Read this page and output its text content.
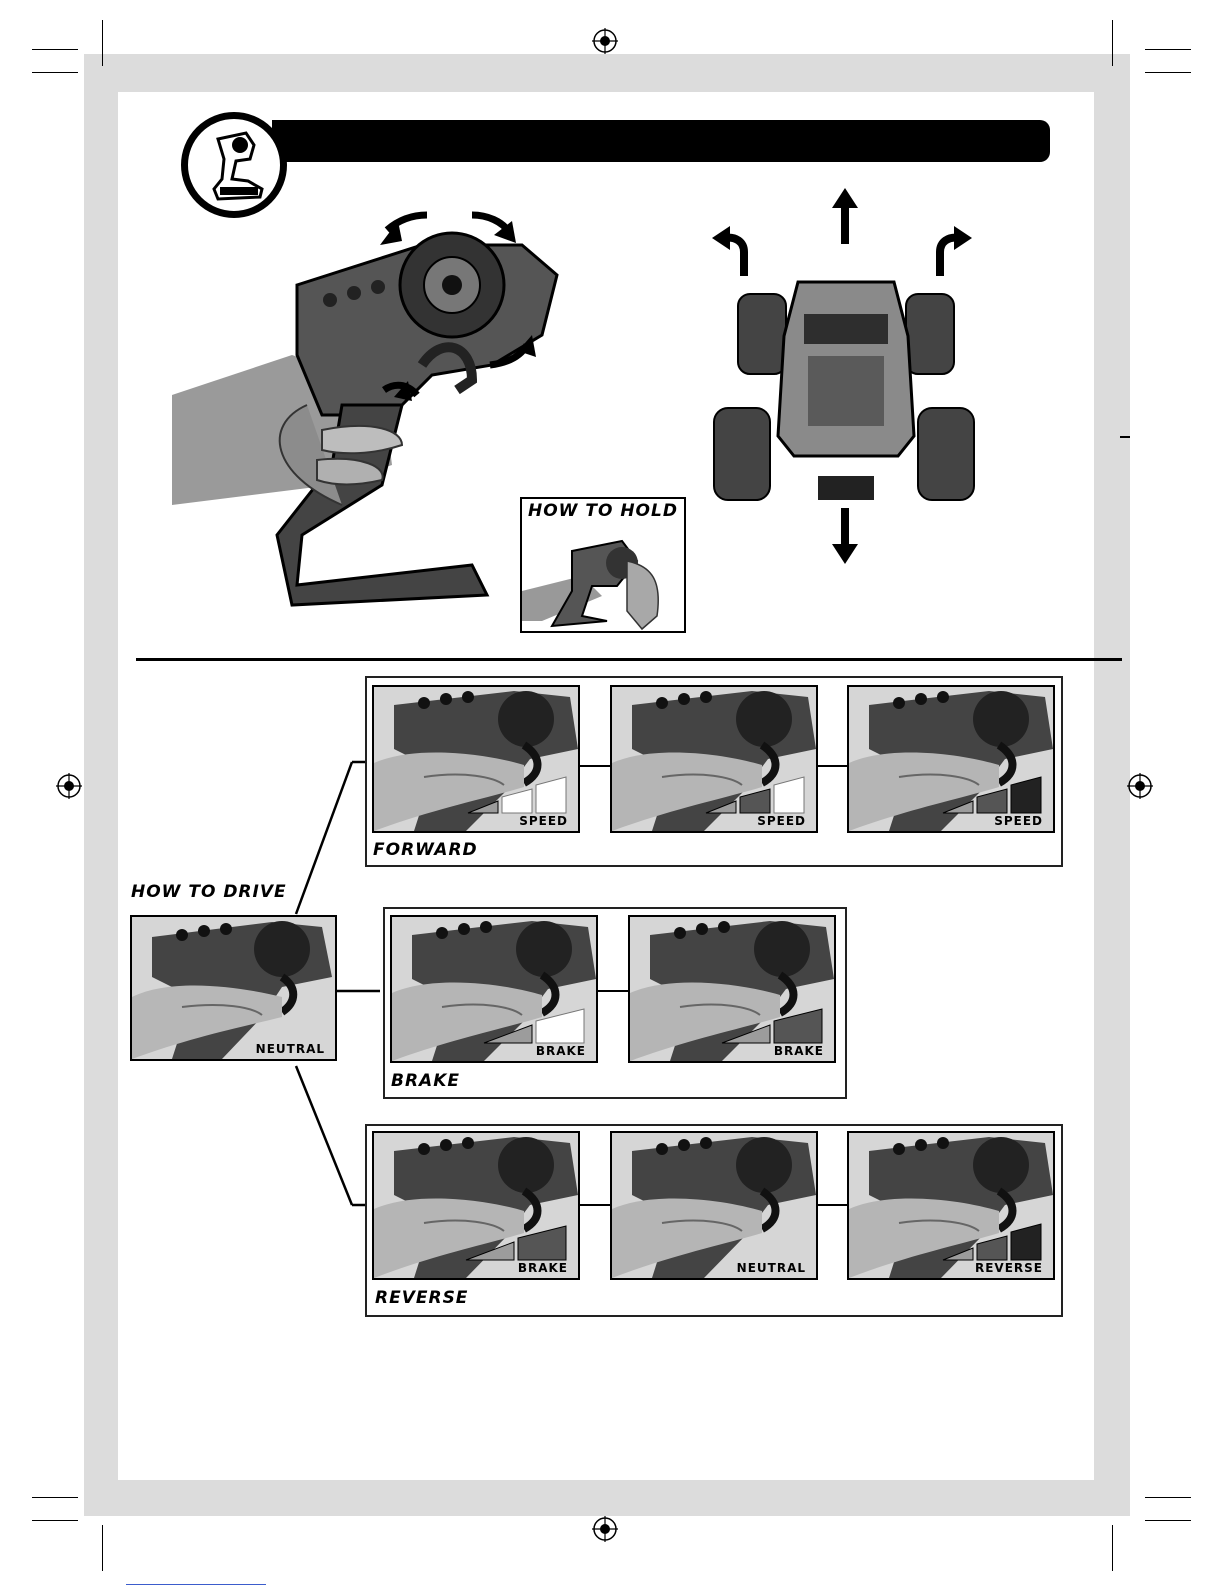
HOW TO HOLD
HOW TO DRIVE
NEUTRAL
FORWARD
SPEED	SPEED	SPEED
BRAKE
BRAKE	BRAKE
REVERSE
BRAKE	NEUTRAL	REVERSE
